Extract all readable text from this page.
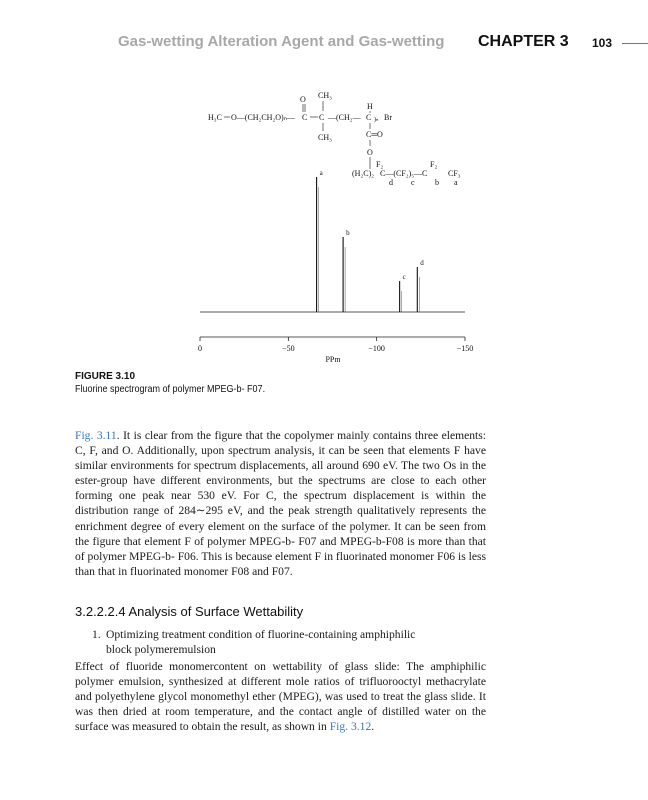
Gas-wetting Alteration Agent and Gas-wetting CHAPTER 3 103
H₃C O—(CH₂CH₂O)ₙ— C
O
C
CH₃
CH₃
—(CH₂— C
H
)ₙ Br
C═O
O
(H₂C)₂
F₂
C—(CF₂)₅—C
F₂
CF₃
d c	b a
0	−50	−100	−150
a
b
c
d
PPm
FIGURE 3.10
Fluorine spectrogram of polymer MPEG-b- F07.

Fig. 3.11. It is clear from the figure that the copolymer mainly contains three elements: C, F, and O. Additionally, upon spectrum analysis, it can be seen that elements F have similar environments for spectrum displacements, all around 690 eV. The two Os in the ester-group have different environments, but the spectrums are close to each other forming one peak near 530 eV. For C, the spectrum displacement is within the distribution range of 284∼295 eV, and the peak strength qualitatively represents the enrichment degree of every element on the surface of the polymer. It can be seen from the figure that element F of polymer MPEG-b- F07 and MPEG-b-F08 is more than that of polymer MPEG-b- F06. This is because element F in fluorinated monomer F06 is less than that in fluorinated monomer F08 and F07.

3.2.2.2.4 Analysis of Surface Wettability
1. Optimizing treatment condition of fluorine-containing amphiphilic
block polymeremulsion

Effect of fluoride monomercontent on wettability of glass slide: The amphiphilic polymer emulsion, synthesized at different mole ratios of trifluorooctyl methacrylate and polyethylene glycol monomethyl ether (MPEG), was used to treat the glass slide. It was then dried at room temperature, and the contact angle of distilled water on the surface was measured to obtain the result, as shown in Fig. 3.12.
